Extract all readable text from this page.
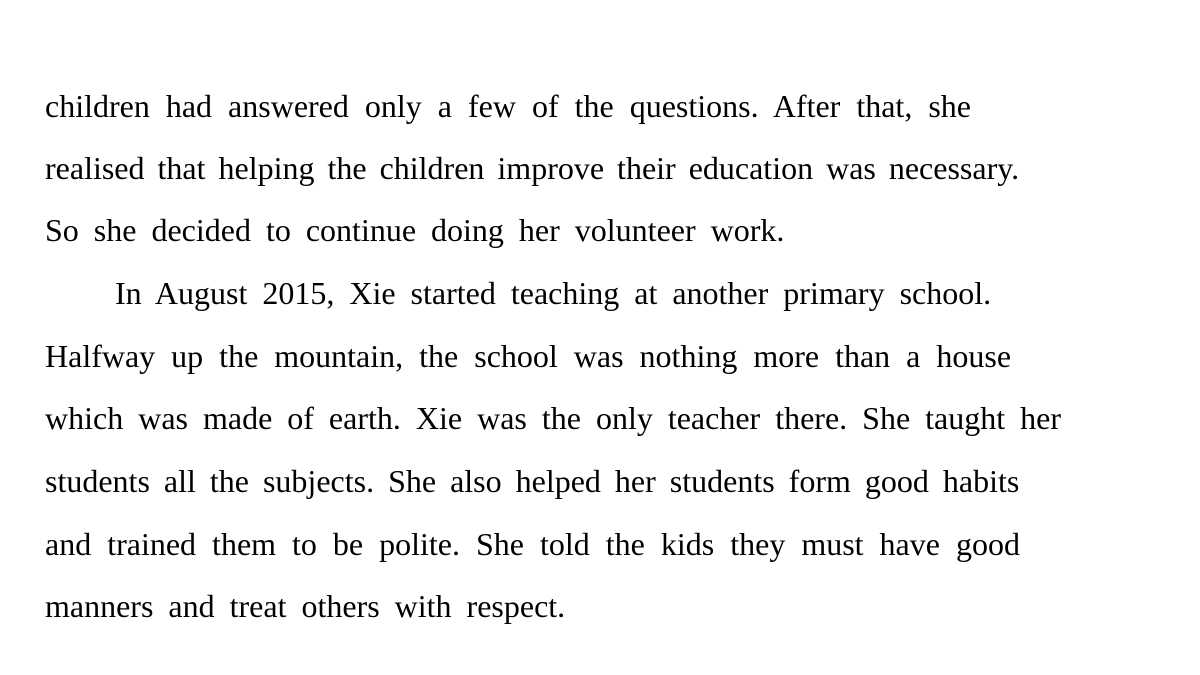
children had answered only a few of the questions. After that, she
realised that helping the children improve their education was necessary.
So she decided to continue doing her volunteer work.
In August 2015, Xie started teaching at another primary school.
Halfway up the mountain, the school was nothing more than a house
which was made of earth. Xie was the only teacher there. She taught her
students all the subjects. She also helped her students form good habits
and trained them to be polite. She told the kids they must have good
manners and treat others with respect.
